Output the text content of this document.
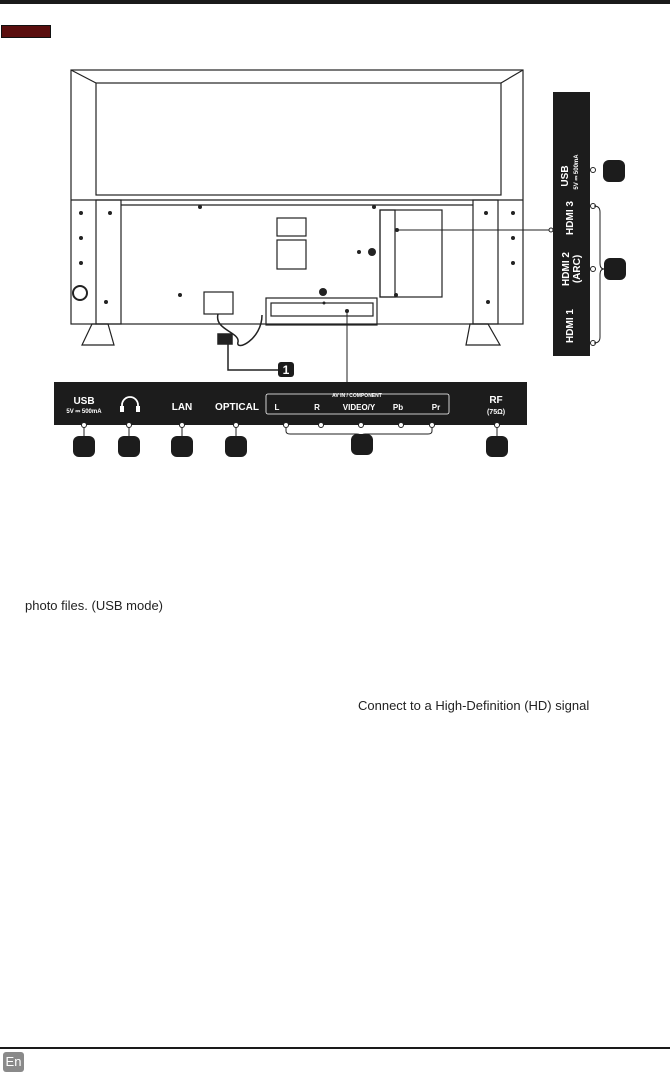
USB 5V ⎓ 500mA
HDMI 3
HDMI 2 (ARC)
HDMI 1
USB
5V ⎓ 500mA	LAN OPTICAL
AV IN / COMPONENT
L	R	VIDEO/Y Pb	Pr
RF
(75Ω)
1
photo files. (USB mode)
Connect to a High-Definition (HD) signal
En
